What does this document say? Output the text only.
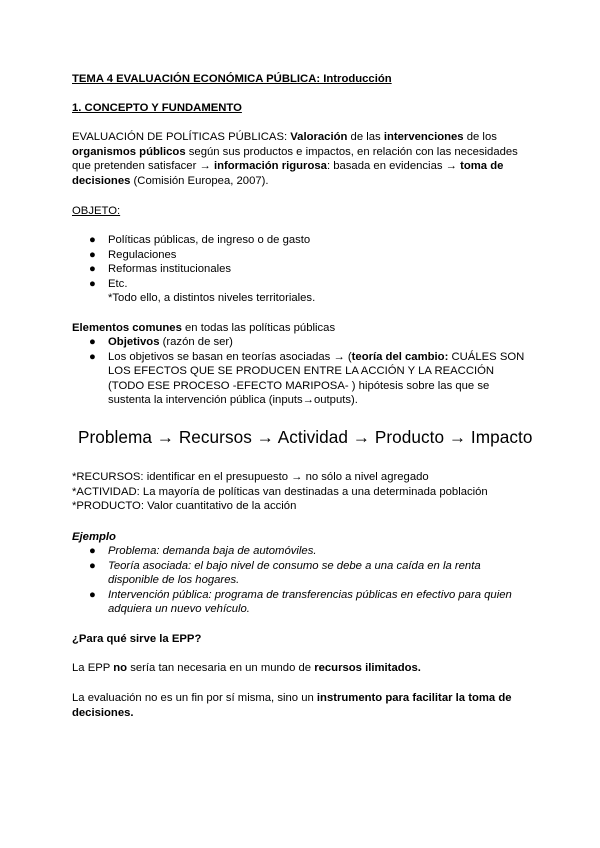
TEMA 4 EVALUACIÓN ECONÓMICA PÚBLICA: Introducción

1. CONCEPTO Y FUNDAMENTO

EVALUACIÓN DE POLÍTICAS PÚBLICAS: Valoración de las intervenciones de los organismos públicos según sus productos e impactos, en relación con las necesidades que pretenden satisfacer → información rigurosa: basada en evidencias → toma de decisiones (Comisión Europea, 2007).

OBJETO:

● Políticas públicas, de ingreso o de gasto
● Regulaciones
● Reformas institucionales
● Etc.
*Todo ello, a distintos niveles territoriales.

Elementos comunes en todas las políticas públicas

● Objetivos (razón de ser)
● Los objetivos se basan en teorías asociadas → (teoría del cambio: CUÁLES SON LOS EFECTOS QUE SE PRODUCEN ENTRE LA ACCIÓN Y LA REACCIÓN (TODO ESE PROCESO -EFECTO MARIPOSA- ) hipótesis sobre las que se sustenta la intervención pública (inputs→outputs).
Problema → Recursos → Actividad → Producto → Impacto
*RECURSOS: identificar en el presupuesto → no sólo a nivel agregado
*ACTIVIDAD: La mayoría de políticas van destinadas a una determinada población
*PRODUCTO: Valor cuantitativo de la acción

Ejemplo

● Problema: demanda baja de automóviles.
● Teoría asociada: el bajo nivel de consumo se debe a una caída en la renta disponible de los hogares.
● Intervención pública: programa de transferencias públicas en efectivo para quien adquiera un nuevo vehículo.

¿Para qué sirve la EPP?

La EPP no sería tan necesaria en un mundo de recursos ilimitados.

La evaluación no es un fin por sí misma, sino un instrumento para facilitar la toma de decisiones.
